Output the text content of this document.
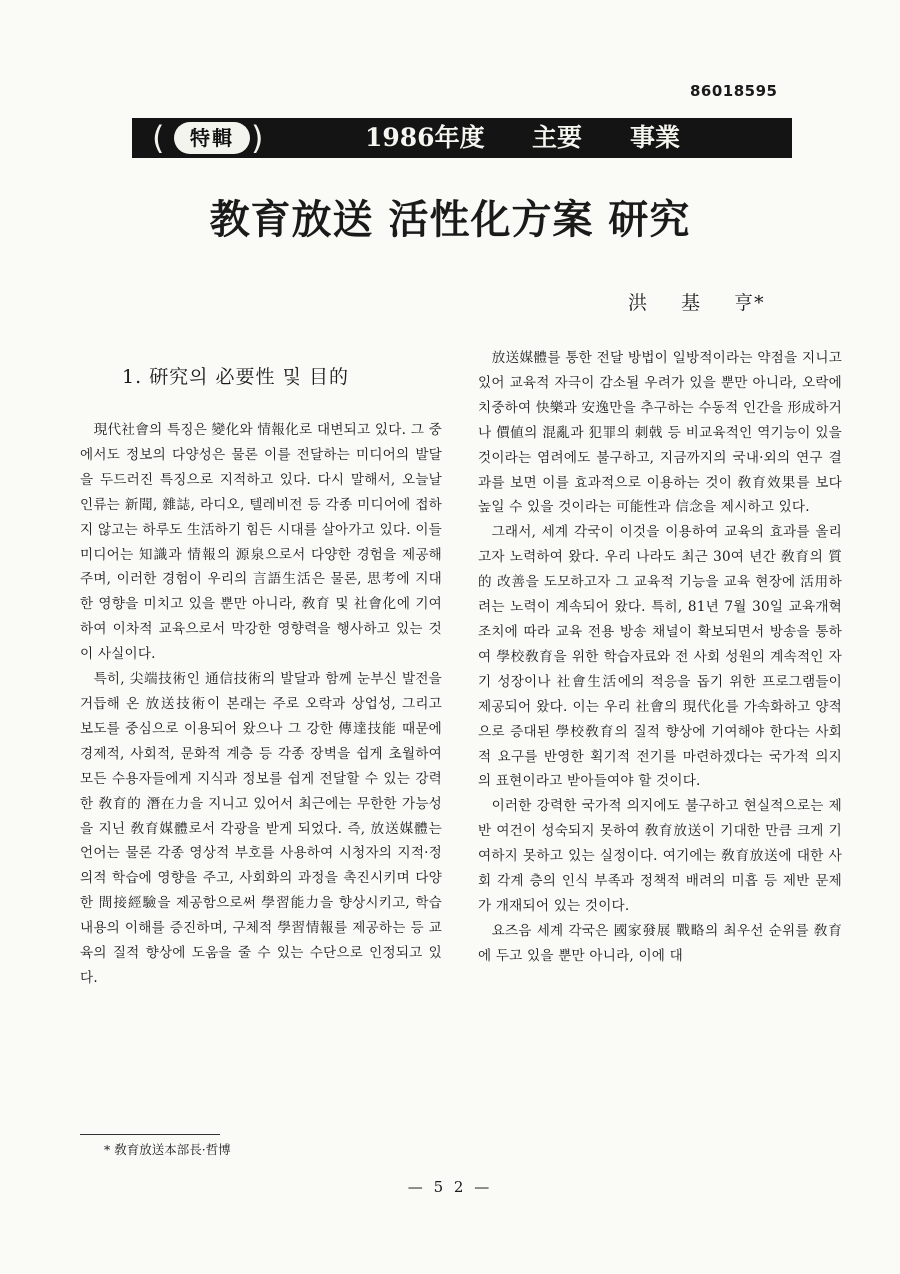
86018595
(	特輯 )	1986年度 主要 事業
教育放送 活性化方案 研究
洪 基 亨*
1. 硏究의 必要性 및 目的

現代社會의 특징은 變化와 情報化로 대변되고 있다. 그 중에서도 정보의 다양성은 물론 이를 전달하는 미디어의 발달을 두드러진 특징으로 지적하고 있다. 다시 말해서, 오늘날 인류는 新聞, 雜誌, 라디오, 텔레비전 등 각종 미디어에 접하지 않고는 하루도 生活하기 힘든 시대를 살아가고 있다. 이들 미디어는 知識과 情報의 源泉으로서 다양한 경험을 제공해 주며, 이러한 경험이 우리의 言語生活은 물론, 思考에 지대한 영향을 미치고 있을 뿐만 아니라, 敎育 및 社會化에 기여하여 이차적 교육으로서 막강한 영향력을 행사하고 있는 것이 사실이다.

특히, 尖端技術인 通信技術의 발달과 함께 눈부신 발전을 거듭해 온 放送技術이 본래는 주로 오락과 상업성, 그리고 보도를 중심으로 이용되어 왔으나 그 강한 傳達技能 때문에 경제적, 사회적, 문화적 계층 등 각종 장벽을 쉽게 초월하여 모든 수용자들에게 지식과 정보를 쉽게 전달할 수 있는 강력한 敎育的 潛在力을 지니고 있어서 최근에는 무한한 가능성을 지닌 敎育媒體로서 각광을 받게 되었다. 즉, 放送媒體는 언어는 물론 각종 영상적 부호를 사용하여 시청자의 지적·정의적 학습에 영향을 주고, 사회화의 과정을 촉진시키며 다양한 間接經驗을 제공함으로써 學習能力을 향상시키고, 학습 내용의 이해를 증진하며, 구체적 學習情報를 제공하는 등 교육의 질적 향상에 도움을 줄 수 있는 수단으로 인정되고 있다.

放送媒體를 통한 전달 방법이 일방적이라는 약점을 지니고 있어 교육적 자극이 감소될 우려가 있을 뿐만 아니라, 오락에 치중하여 快樂과 安逸만을 추구하는 수동적 인간을 形成하거나 價値의 混亂과 犯罪의 刺戟 등 비교육적인 역기능이 있을 것이라는 염려에도 불구하고, 지금까지의 국내·외의 연구 결과를 보면 이를 효과적으로 이용하는 것이 敎育效果를 보다 높일 수 있을 것이라는 可能性과 信念을 제시하고 있다.

그래서, 세계 각국이 이것을 이용하여 교육의 효과를 올리고자 노력하여 왔다. 우리 나라도 최근 30여 년간 敎育의 質的 改善을 도모하고자 그 교육적 기능을 교육 현장에 活用하려는 노력이 계속되어 왔다. 특히, 81년 7월 30일 교육개혁 조치에 따라 교육 전용 방송 채널이 확보되면서 방송을 통하여 學校敎育을 위한 학습자료와 전 사회 성원의 계속적인 자기 성장이나 社會生活에의 적응을 돕기 위한 프로그램들이 제공되어 왔다. 이는 우리 社會의 現代化를 가속화하고 양적으로 증대된 學校敎育의 질적 향상에 기여해야 한다는 사회적 요구를 반영한 획기적 전기를 마련하겠다는 국가적 의지의 표현이라고 받아들여야 할 것이다.

이러한 강력한 국가적 의지에도 불구하고 현실적으로는 제반 여건이 성숙되지 못하여 敎育放送이 기대한 만큼 크게 기여하지 못하고 있는 실정이다. 여기에는 敎育放送에 대한 사회 각계 층의 인식 부족과 정책적 배려의 미흡 등 제반 문제가 개재되어 있는 것이다.

요즈음 세계 각국은 國家發展 戰略의 최우선 순위를 敎育에 두고 있을 뿐만 아니라, 이에 대

* 敎育放送本部長·哲博
— 5 2 —
